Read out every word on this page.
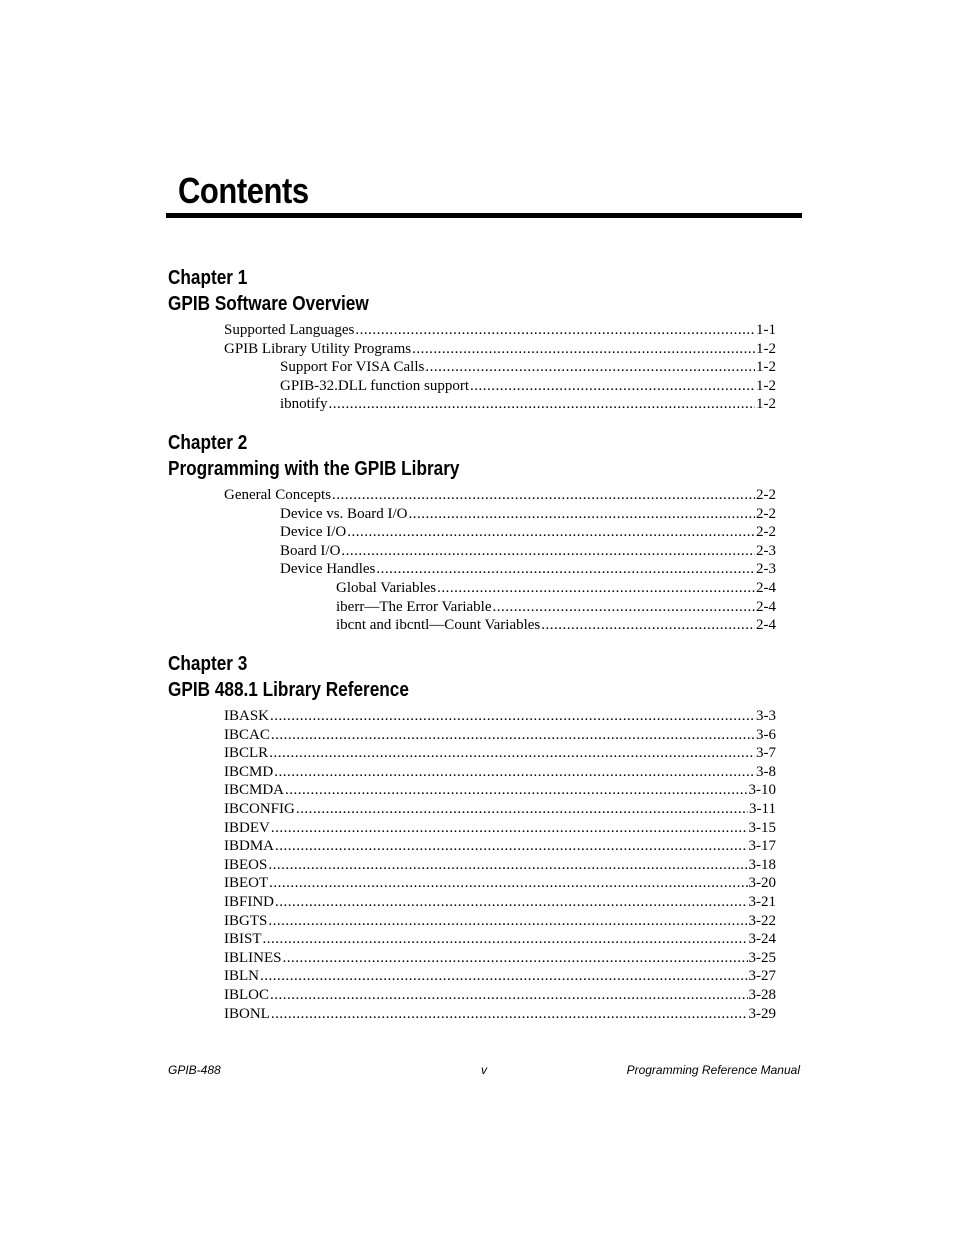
Contents
Chapter 1
GPIB Software Overview
Supported Languages .....	1-1
GPIB Library Utility Programs .....	1-2
Support For VISA Calls .....	1-2
GPIB-32.DLL function support .....	1-2
ibnotify .....	1-2
Chapter 2
Programming with the GPIB Library
General Concepts .....	2-2
Device vs. Board I/O .....	2-2
Device I/O .....	2-2
Board I/O .....	2-3
Device Handles .....	2-3
Global Variables .....	2-4
iberr—The Error Variable .....	2-4
ibcnt and ibcntl—Count Variables .....	2-4
Chapter 3
GPIB 488.1 Library Reference
IBASK .....	3-3
IBCAC .....	3-6
IBCLR .....	3-7
IBCMD .....	3-8
IBCMDA .....	3-10
IBCONFIG .....	3-11
IBDEV .....	3-15
IBDMA .....	3-17
IBEOS .....	3-18
IBEOT .....	3-20
IBFIND .....	3-21
IBGTS .....	3-22
IBIST .....	3-24
IBLINES .....	3-25
IBLN .....	3-27
IBLOC .....	3-28
IBONL .....	3-29
GPIB-488	v	Programming Reference Manual
